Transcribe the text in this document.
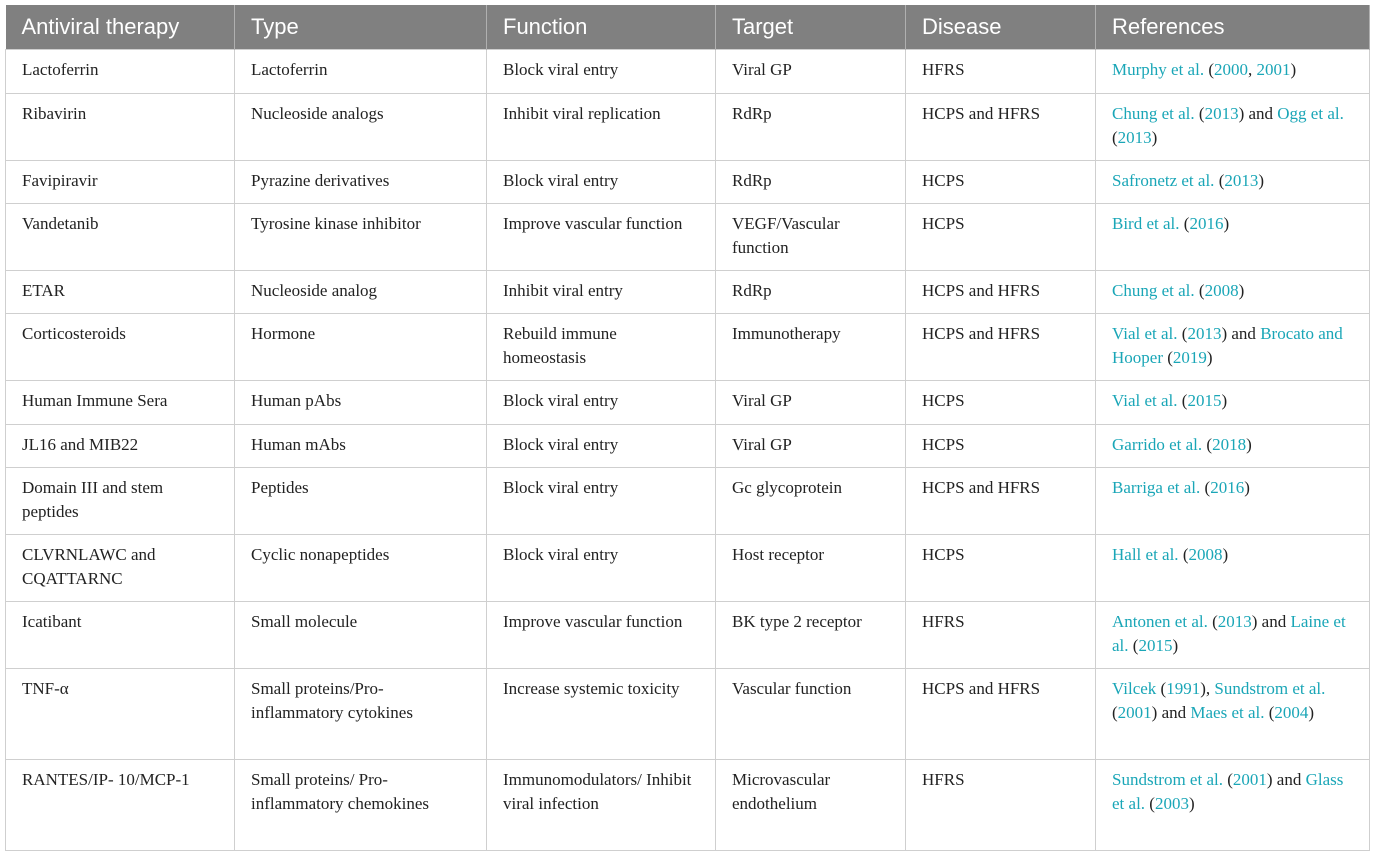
Antiviral therapy	Type	Function	Target	Disease	References
Lactoferrin	Lactoferrin	Block viral entry	Viral GP	HFRS	Murphy et al. (2000, 2001)
Ribavirin	Nucleoside analogs	Inhibit viral replication	RdRp	HCPS and HFRS	Chung et al. (2013) and Ogg et al. (2013)
Favipiravir	Pyrazine derivatives	Block viral entry	RdRp	HCPS	Safronetz et al. (2013)
Vandetanib	Tyrosine kinase inhibitor	Improve vascular function	VEGF/Vascular function	HCPS	Bird et al. (2016)
ETAR	Nucleoside analog	Inhibit viral entry	RdRp	HCPS and HFRS	Chung et al. (2008)
Corticosteroids	Hormone	Rebuild immune homeostasis	Immunotherapy	HCPS and HFRS	Vial et al. (2013) and Brocato and Hooper (2019)
Human Immune Sera	Human pAbs	Block viral entry	Viral GP	HCPS	Vial et al. (2015)
JL16 and MIB22	Human mAbs	Block viral entry	Viral GP	HCPS	Garrido et al. (2018)
Domain III and stem peptides	Peptides	Block viral entry	Gc glycoprotein	HCPS and HFRS	Barriga et al. (2016)
CLVRNLAWC and CQATTARNC	Cyclic nonapeptides	Block viral entry	Host receptor	HCPS	Hall et al. (2008)
Icatibant	Small molecule	Improve vascular function	BK type 2 receptor	HFRS	Antonen et al. (2013) and Laine et al. (2015)
TNF-α	Small proteins/Pro-inflammatory cytokines	Increase systemic toxicity	Vascular function	HCPS and HFRS	Vilcek (1991), Sundstrom et al. (2001) and Maes et al. (2004)
RANTES/IP- 10/MCP-1	Small proteins/ Pro-inflammatory chemokines	Immunomodulators/ Inhibit viral infection	Microvascular endothelium	HFRS	Sundstrom et al. (2001) and Glass et al. (2003)
